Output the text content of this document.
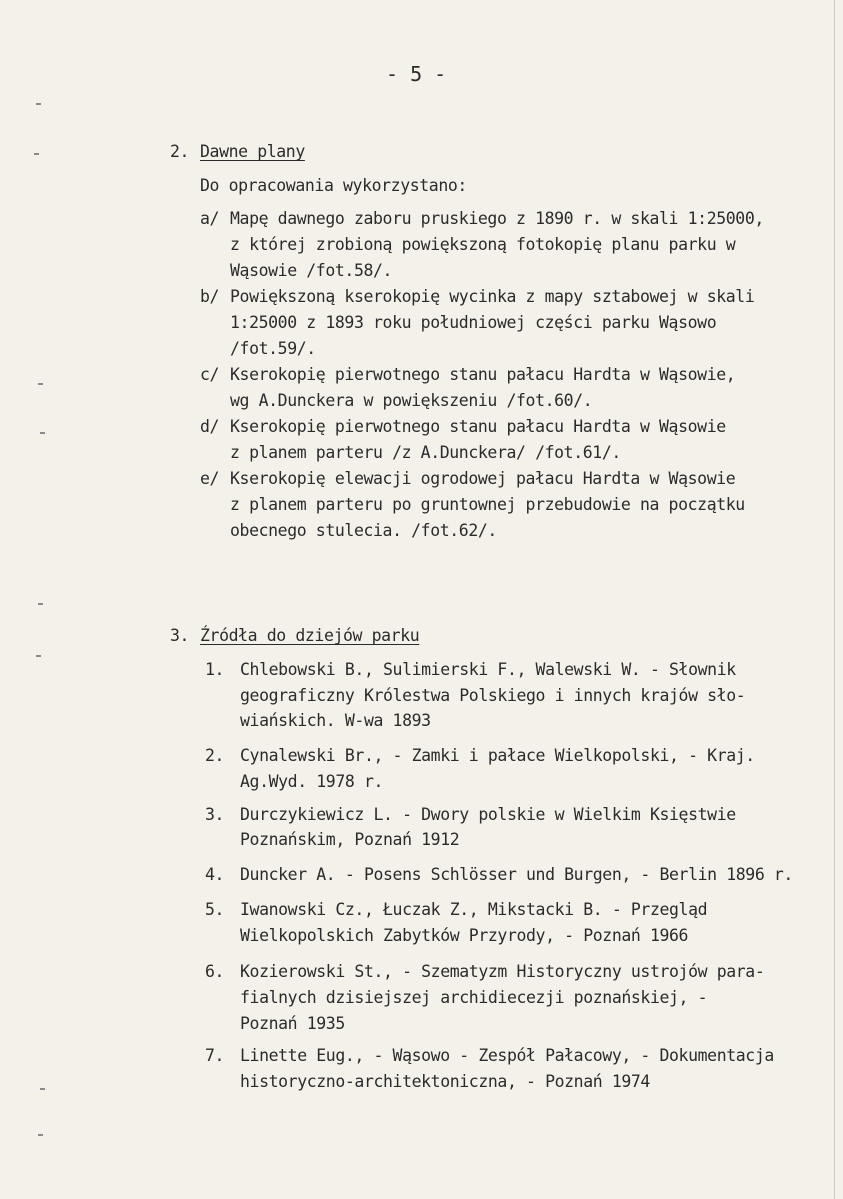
- 5 -
2. Dawne plany
Do opracowania wykorzystano:
a/ Mapę dawnego zaboru pruskiego z 1890 r. w skali 1:25000,
z której zrobioną powiększoną fotokopię planu parku w
Wąsowie /fot.58/.
b/ Powiększoną kserokopię wycinka z mapy sztabowej w skali
1:25000 z 1893 roku południowej części parku Wąsowo
/fot.59/.
c/ Kserokopię pierwotnego stanu pałacu Hardta w Wąsowie,
wg A.Dunckera w powiększeniu /fot.60/.
d/ Kserokopię pierwotnego stanu pałacu Hardta w Wąsowie
z planem parteru /z A.Dunckera/ /fot.61/.
e/ Kserokopię elewacji ogrodowej pałacu Hardta w Wąsowie
z planem parteru po gruntownej przebudowie na początku
obecnego stulecia. /fot.62/.
3. Źródła do dziejów parku
1. Chlebowski B., Sulimierski F., Walewski W. - Słownik
geograficzny Królestwa Polskiego i innych krajów sło-
wiańskich. W-wa 1893
2. Cynalewski Br., - Zamki i pałace Wielkopolski, - Kraj.
Ag.Wyd. 1978 r.
3. Durczykiewicz L. - Dwory polskie w Wielkim Księstwie
Poznańskim, Poznań 1912
4. Duncker A. - Posens Schlösser und Burgen, - Berlin 1896 r.
5. Iwanowski Cz., Łuczak Z., Mikstacki B. - Przegląd
Wielkopolskich Zabytków Przyrody, - Poznań 1966
6. Kozierowski St., - Szematyzm Historyczny ustrojów para-
fialnych dzisiejszej archidiecezji poznańskiej, -
Poznań 1935
7. Linette Eug., - Wąsowo - Zespół Pałacowy, - Dokumentacja
historyczno-architektoniczna, - Poznań 1974
